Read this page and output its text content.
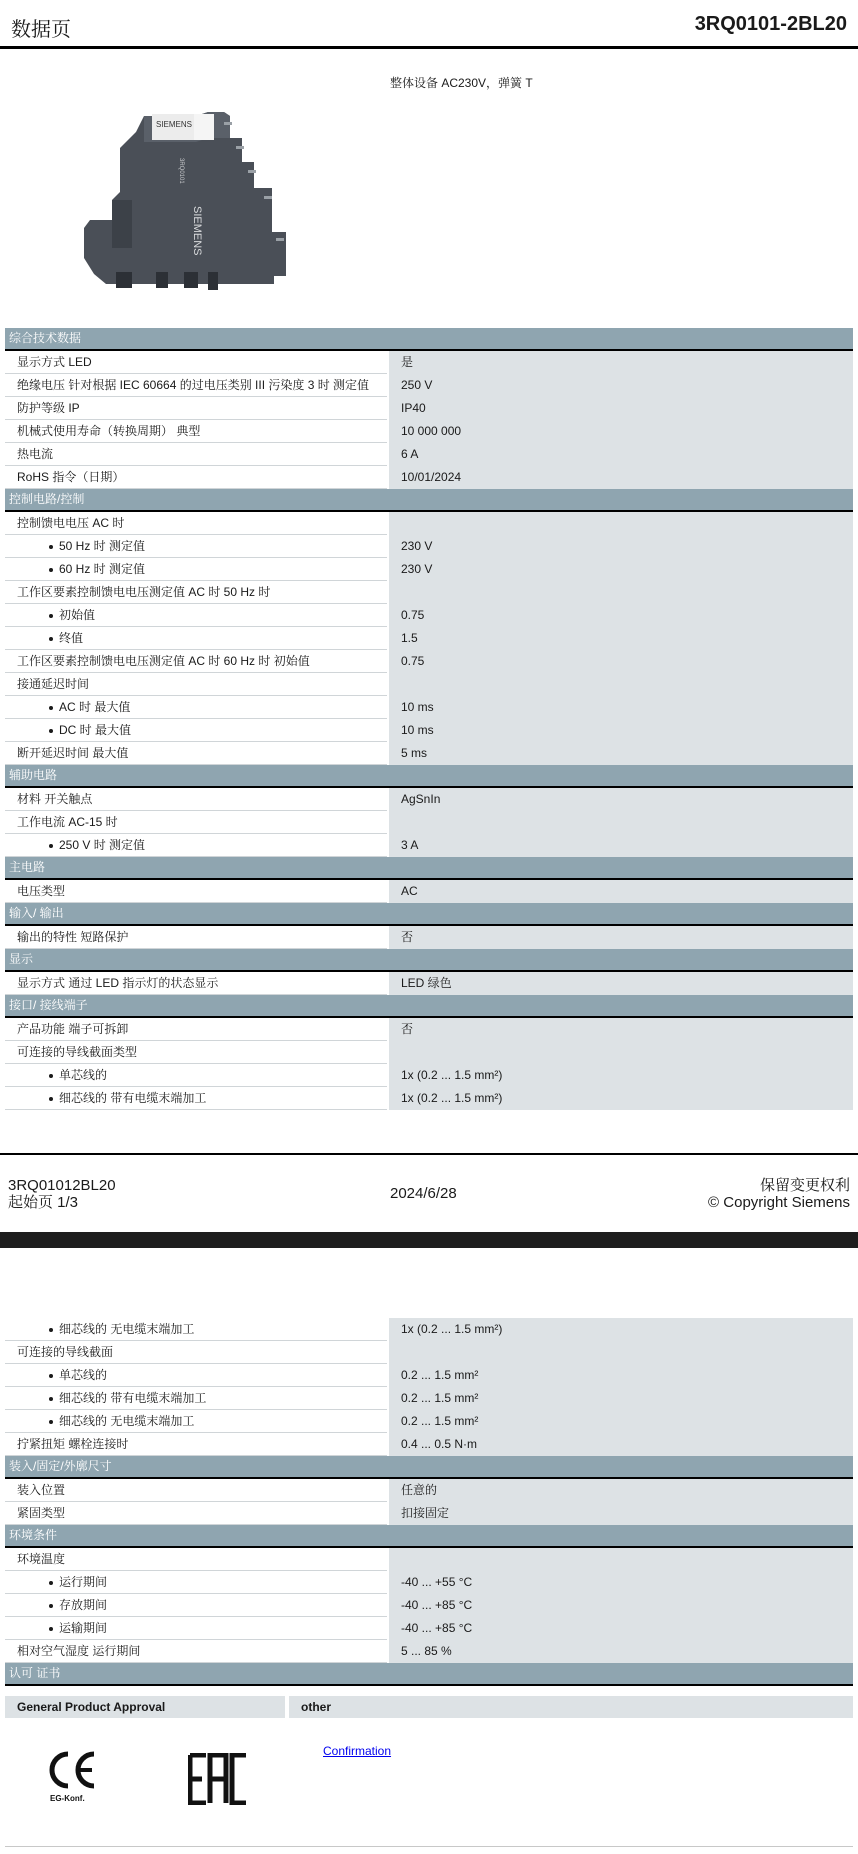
数据页	3RQ0101-2BL20
整体设备 AC230V，弹簧 T
SIEMENS
SIEMENS
3RQ0101
综合技术数据	
显示方式 LED	是
绝缘电压 针对根据 IEC 60664 的过电压类别 III 污染度 3 时 测定值	250 V
防护等级 IP	IP40
机械式使用寿命（转换周期） 典型	10 000 000
热电流	6 A
RoHS 指令（日期）	10/01/2024
控制电路/控制	
控制馈电电压 AC 时	
50 Hz 时 测定值	230 V
60 Hz 时 测定值	230 V
工作区要素控制馈电电压测定值 AC 时 50 Hz 时	
初始值	0.75
终值	1.5
工作区要素控制馈电电压测定值 AC 时 60 Hz 时 初始值	0.75
接通延迟时间	
AC 时 最大值	10 ms
DC 时 最大值	10 ms
断开延迟时间 最大值	5 ms
辅助电路	
材料 开关触点	AgSnIn
工作电流 AC-15 时	
250 V 时 测定值	3 A
主电路	
电压类型	AC
输入/ 输出	
输出的特性 短路保护	否
显示	
显示方式 通过 LED 指示灯的状态显示	LED 绿色
接口/ 接线端子	
产品功能 端子可拆卸	否
可连接的导线截面类型	
单芯线的	1x (0.2 ... 1.5 mm²)
细芯线的 带有电缆末端加工	1x (0.2 ... 1.5 mm²)
3RQ01012BL20
起始页 1/3
2024/6/28	保留变更权利
© Copyright Siemens
细芯线的 无电缆末端加工	1x (0.2 ... 1.5 mm²)
可连接的导线截面	
单芯线的	0.2 ... 1.5 mm²
细芯线的 带有电缆末端加工	0.2 ... 1.5 mm²
细芯线的 无电缆末端加工	0.2 ... 1.5 mm²
拧紧扭矩 螺栓连接时	0.4 ... 0.5 N·m
装入/固定/外廓尺寸	
装入位置	任意的
紧固类型	扣接固定
环境条件	
环境温度	
运行期间	-40 ... +55 °C
存放期间	-40 ... +85 °C
运输期间	-40 ... +85 °C
相对空气湿度 运行期间	5 ... 85 %
认可 证书	
General Product Approval	other
EG-Konf.
Confirmation
